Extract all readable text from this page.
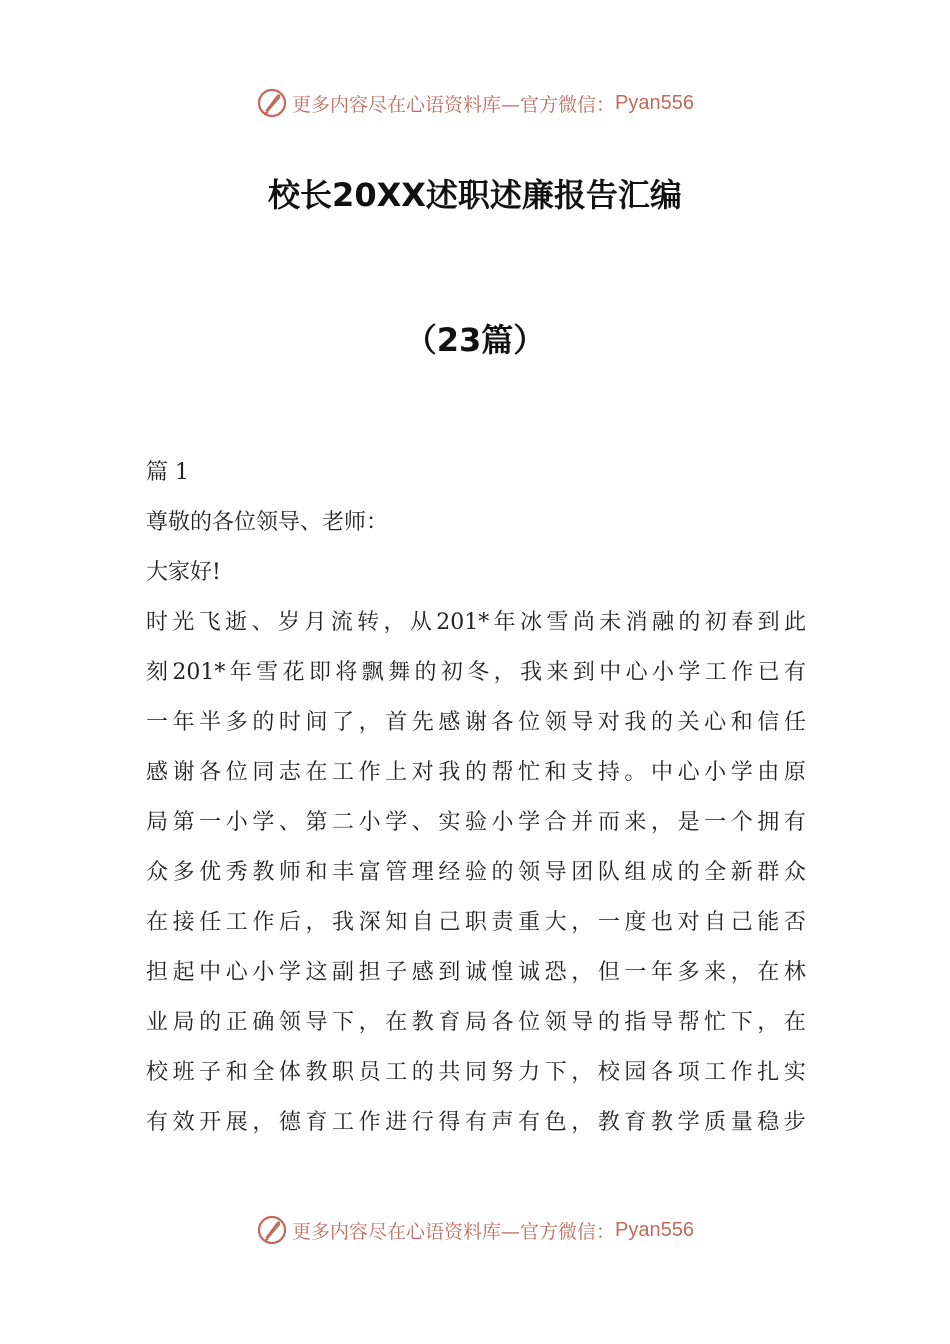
更多内容尽在心语资料库—官方微信： Pyan556
校长20XX述职述廉报告汇编
（23篇）
篇 1
尊敬的各位领导、老师：
大家好!
时 光 飞 逝 、 岁 月 流 转 ， 从 201* 年 冰 雪 尚 未 消 融 的 初 春 到 此
刻 201* 年 雪 花 即 将 飘 舞 的 初 冬 ， 我 来 到 中 心 小 学 工 作 已 有
一 年 半 多 的 时 间 了 ， 首 先 感 谢 各 位 领 导 对 我 的 关 心 和 信 任
感 谢 各 位 同 志 在 工 作 上 对 我 的 帮 忙 和 支 持 。 中 心 小 学 由 原
局 第 一 小 学 、 第 二 小 学 、 实 验 小 学 合 并 而 来 ， 是 一 个 拥 有
众 多 优 秀 教 师 和 丰 富 管 理 经 验 的 领 导 团 队 组 成 的 全 新 群 众
在 接 任 工 作 后 ， 我 深 知 自 己 职 责 重 大 ， 一 度 也 对 自 己 能 否
担 起 中 心 小 学 这 副 担 子 感 到 诚 惶 诚 恐 ， 但 一 年 多 来 ， 在 林
业 局 的 正 确 领 导 下 ， 在 教 育 局 各 位 领 导 的 指 导 帮 忙 下 ， 在
校 班 子 和 全 体 教 职 员 工 的 共 同 努 力 下 ， 校 园 各 项 工 作 扎 实
有 效 开 展 ， 德 育 工 作 进 行 得 有 声 有 色 ， 教 育 教 学 质 量 稳 步
更多内容尽在心语资料库—官方微信： Pyan556
